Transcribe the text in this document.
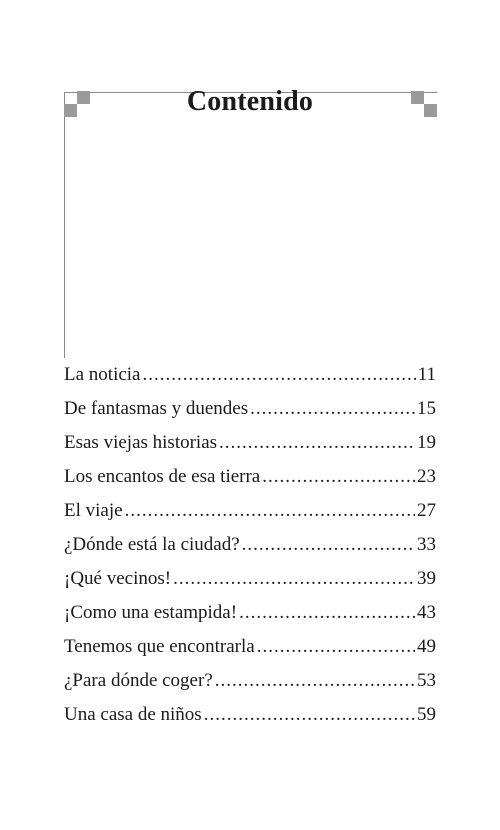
Contenido
La noticia .....	11
De fantasmas y duendes .....	15
Esas viejas historias .....	19
Los encantos de esa tierra .....	23
El viaje .....	27
¿Dónde está la ciudad? .....	33
¡Qué vecinos! .....	39
¡Como una estampida! .....	43
Tenemos que encontrarla .....	49
¿Para dónde coger? .....	53
Una casa de niños .....	59
